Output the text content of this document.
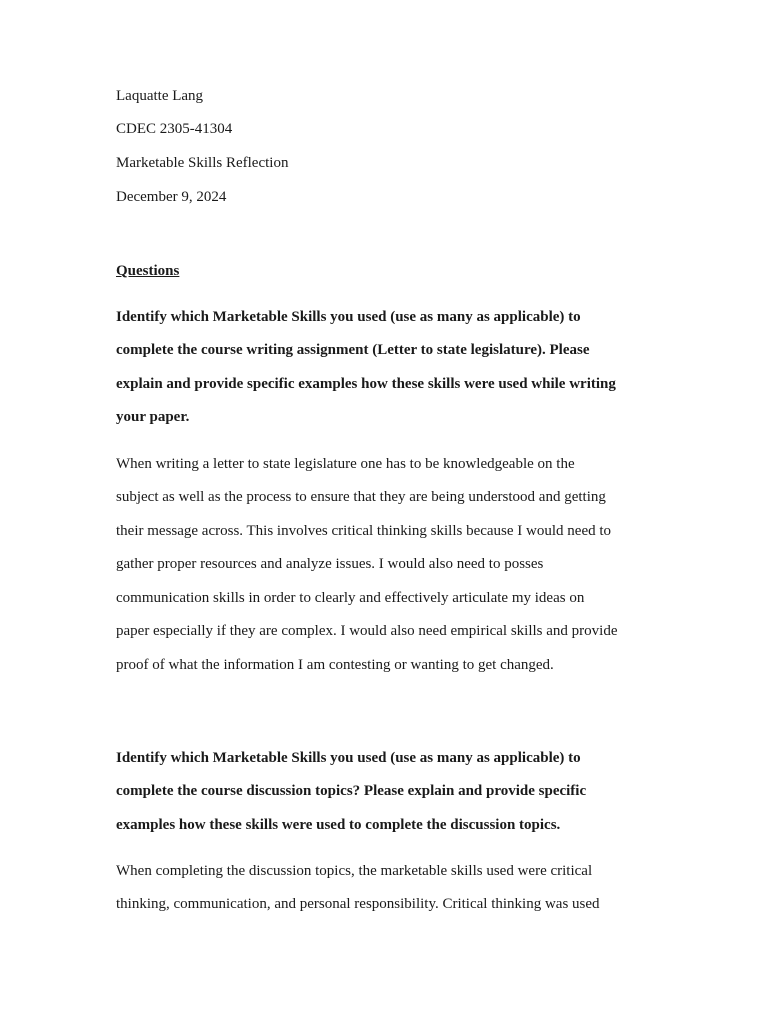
Laquatte Lang
CDEC 2305-41304
Marketable Skills Reflection
December 9, 2024
Questions
Identify which Marketable Skills you used (use as many as applicable) to
complete the course writing assignment (Letter to state legislature). Please
explain and provide specific examples how these skills were used while writing
your paper.
When writing a letter to state legislature one has to be knowledgeable on the
subject as well as the process to ensure that they are being understood and getting
their message across. This involves critical thinking skills because I would need to
gather proper resources and analyze issues. I would also need to posses
communication skills in order to clearly and effectively articulate my ideas on
paper especially if they are complex. I would also need empirical skills and provide
proof of what the information I am contesting or wanting to get changed.
Identify which Marketable Skills you used (use as many as applicable) to
complete the course discussion topics? Please explain and provide specific
examples how these skills were used to complete the discussion topics.
When completing the discussion topics, the marketable skills used were critical
thinking, communication, and personal responsibility. Critical thinking was used
